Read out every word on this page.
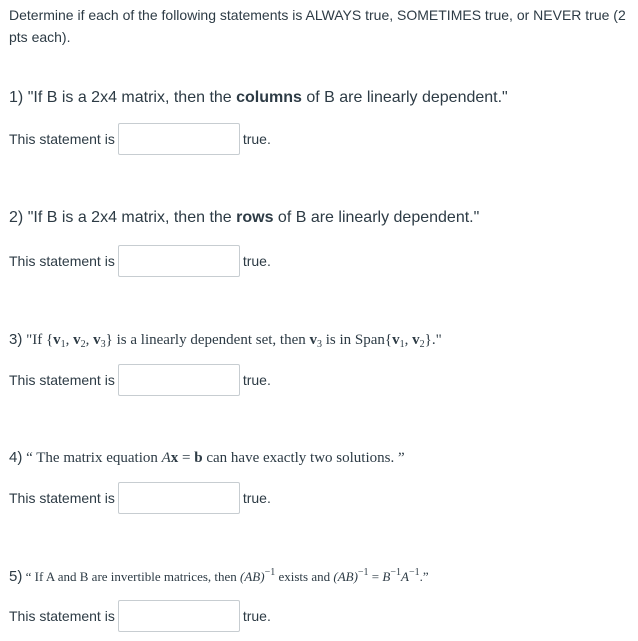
Determine if each of the following statements is ALWAYS true, SOMETIMES true, or NEVER true (2 pts each).
1) "If B is a 2x4 matrix, then the columns of B are linearly dependent."
This statement is	true.
2) "If B is a 2x4 matrix, then the rows of B are linearly dependent."
This statement is	true.
3) "If {$v_1$, $v_2$, $v_3$} is a linearly dependent set, then $v_3$ is in $Span\{v_1$, $v_2$}."
This statement is	true.
4) “ The matrix equation Ax = b can have exactly two solutions. ”
This statement is	true.
5) “ If A and B are invertible matrices, then (AB)$^{-1}$ exists and $(AB)^{-1} = B^{-1}A^{-1}$.”
This statement is	true.
